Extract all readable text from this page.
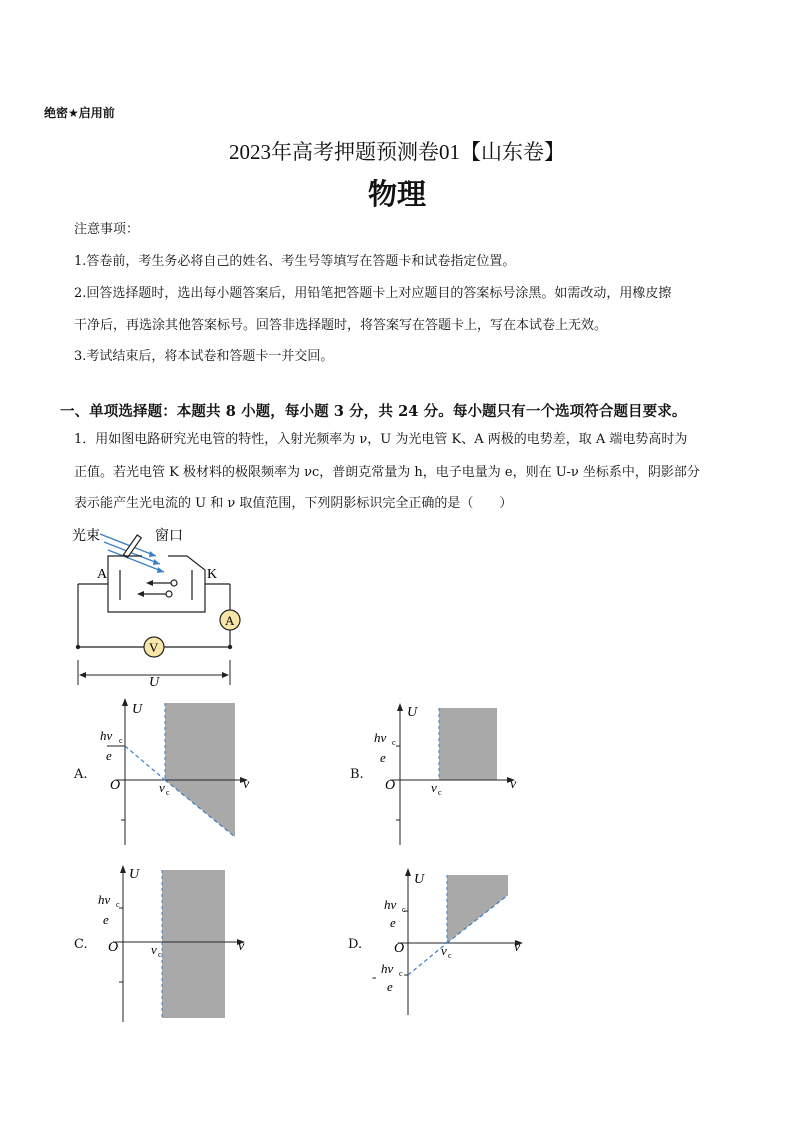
绝密★启用前
2023年高考押题预测卷01【山东卷】
物理
注意事项：
1.答卷前，考生务必将自己的姓名、考生号等填写在答题卡和试卷指定位置。
2.回答选择题时，选出每小题答案后，用铅笔把答题卡上对应题目的答案标号涂黑。如需改动，用橡皮擦
干净后，再选涂其他答案标号。回答非选择题时，将答案写在答题卡上，写在本试卷上无效。
3.考试结束后，将本试卷和答题卡一并交回。
一、单项选择题：本题共 8 小题，每小题 3 分，共 24 分。每小题只有一个选项符合题目要求。
1．用如图电路研究光电管的特性，入射光频率为 ν，U 为光电管 K、A 两极的电势差，取 A 端电势高时为
正值。若光电管 K 极材料的极限频率为 νc，普朗克常量为 h，电子电量为 e，则在 U-ν 坐标系中，阴影部分
表示能产生光电流的 U 和 ν 取值范围，下列阴影标识完全正确的是（　　）
光束	窗口
A	K
A
V
U
A.
U
ν
O
hν c
e
ν c
B.
U
ν
O
hν c
e
ν c
C.
U
ν
O
hν c
e
ν c
D.
U
ν
O
hν c
e
-
hν c
e
ν c
